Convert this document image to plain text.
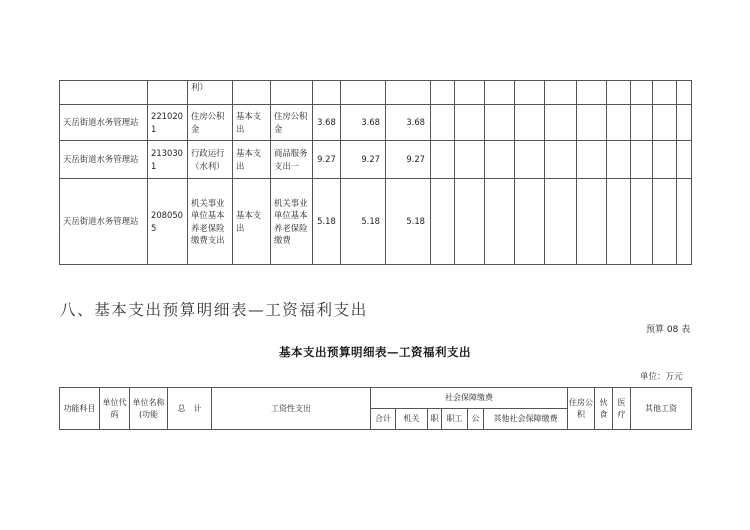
		利）															
天岳街道水务管理站	2210201	住房公积金	基本支出	住房公积金	3.68	3.68	3.68										
天岳街道水务管理站	2130301	行政运行（水利）	基本支出	商品服务支出一	9.27	9.27	9.27										
天岳街道水务管理站	2080505	机关事业单位基本养老保险缴费支出	基本支出	机关事业单位基本养老保险缴费	5.18	5.18	5.18										
八、基本支出预算明细表—工资福利支出
预算 08 表
基本支出预算明细表—工资福利支出
单位：万元
功能科目	单位代码	单位名称(功能	总　计	工资性支出	社会保障缴费						住房公积	伙食	医疗	其他工资
					合计	机关	职	职工	公	其他社会保障缴费				
